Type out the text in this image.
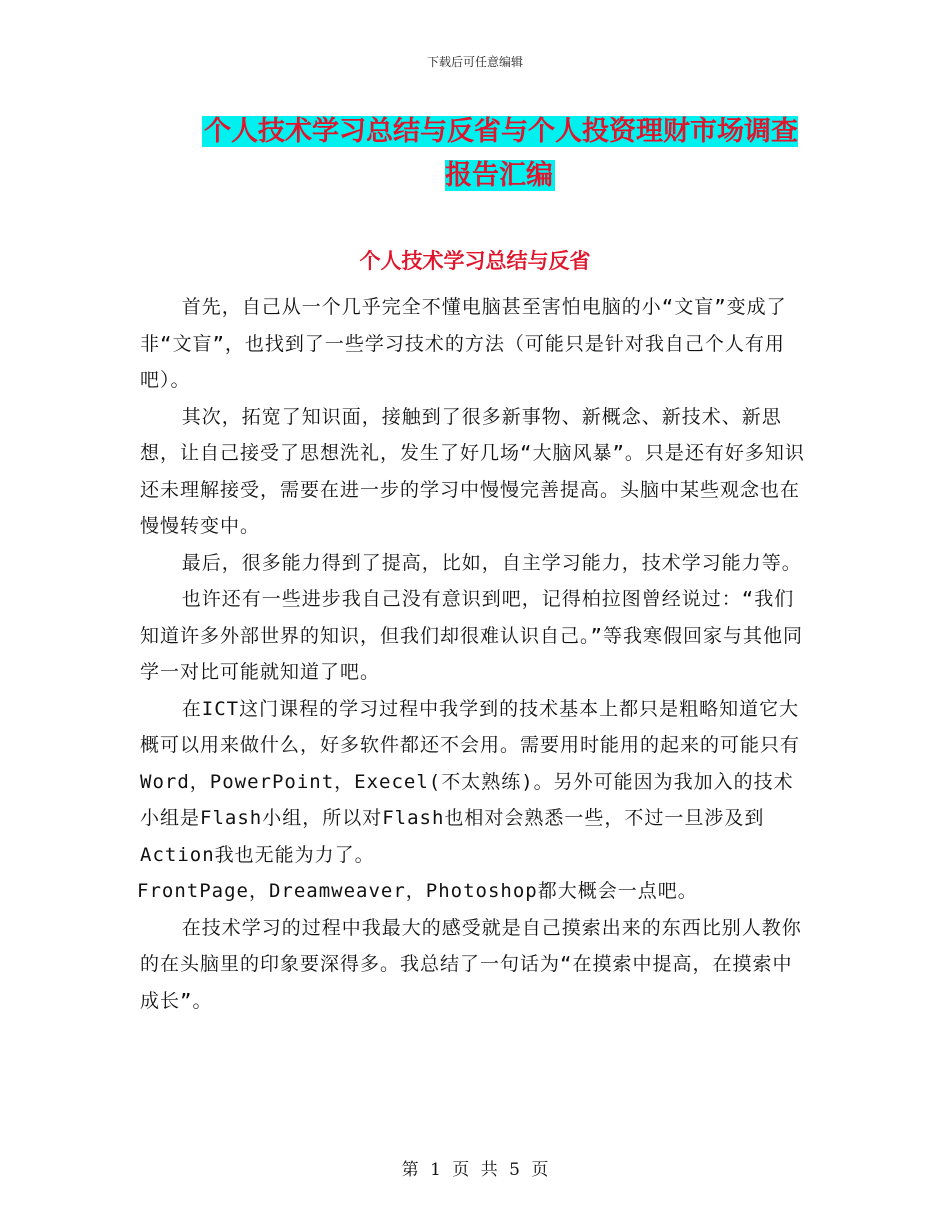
下载后可任意编辑
个人技术学习总结与反省与个人投资理财市场调查报告汇编
个人技术学习总结与反省

首先，自己从一个几乎完全不懂电脑甚至害怕电脑的小“文盲”变成了非“文盲”，也找到了一些学习技术的方法（可能只是针对我自己个人有用吧）。

其次，拓宽了知识面，接触到了很多新事物、新概念、新技术、新思想，让自己接受了思想洗礼，发生了好几场“大脑风暴”。只是还有好多知识还未理解接受，需要在进一步的学习中慢慢完善提高。头脑中某些观念也在慢慢转变中。

最后，很多能力得到了提高，比如，自主学习能力，技术学习能力等。

也许还有一些进步我自己没有意识到吧，记得柏拉图曾经说过：“我们知道许多外部世界的知识，但我们却很难认识自己。”等我寒假回家与其他同学一对比可能就知道了吧。

在ICT这门课程的学习过程中我学到的技术基本上都只是粗略知道它大概可以用来做什么，好多软件都还不会用。需要用时能用的起来的可能只有Word，PowerPoint，Execel(不太熟练)。另外可能因为我加入的技术小组是Flash小组，所以对Flash也相对会熟悉一些，不过一旦涉及到Action我也无能为力了。

FrontPage，Dreamweaver，Photoshop都大概会一点吧。

在技术学习的过程中我最大的感受就是自己摸索出来的东西比别人教你的在头脑里的印象要深得多。我总结了一句话为“在摸索中提高，在摸索中成长”。

第 1 页 共 5 页
